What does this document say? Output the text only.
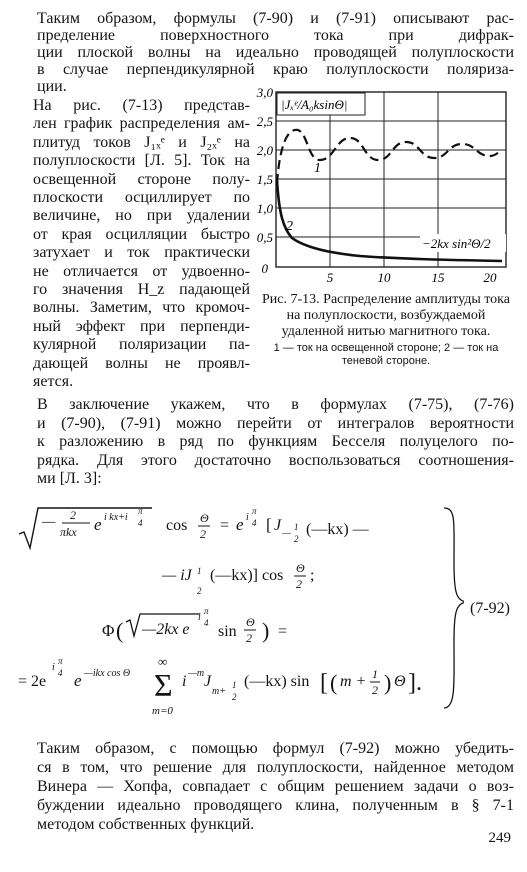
Таким образом, формулы (7-90) и (7-91) описывают рас-
пределение поверхностного тока при дифрак-
ции плоской волны на идеально проводящей полуплоскости
в случае перпендикулярной краю полуплоскости поляриза-
ции.
На рис. (7-13) представ-
лен график распределения ам-
плитуд токов J₁ₓᵉ и J₂ₓᵉ на
полуплоскости [Л. 5]. Ток на
освещенной стороне полу-
плоскости осциллирует по
величине, но при удалении
от края осцилляции быстро
затухает и ток практически
не отличается от удвоенно-
го значения H_z падающей
волны. Заметим, что кромоч-
ный эффект при перпенди-
кулярной поляризации па-
дающей волны не проявл-
яется.
|Jₓᵉ/A₀ksinΘ|
3,0
2,5
2,0
1,5
1,0
0,5
0
5	10	15	20
1
2
−2kx sin²Θ/2
Рис. 7-13. Распределение амплитуды тока на полуплоскости, возбуждаемой удаленной нитью магнитного тока.
1 — ток на освещенной стороне; 2 — ток на теневой стороне.
В заключение укажем, что в формулах (7-75), (7-76)
и (7-90), (7-91) можно перейти от интегралов вероятности
к разложению в ряд по функциям Бесселя полуцелого по-
рядка. Для этого достаточно воспользоваться соотношения-
ми [Л. 3]:
— 2
πkx e i kx+i
π
4 cos Θ
2 = e i
π
4 [ J —
1
2
(—kx) —
— iJ 1
2
(—kx)] cos Θ
2 ;
Φ ( —2kx e
i
π
4 sin
Θ
2 ) =
= 2e
i
π
4 e —ikx cos Θ
∞
Σ
m=0
i —m J
m+
1
2
(—kx) sin [ ( m + 1
2 ) Θ ].
(7-92)
Таким образом, с помощью формул (7-92) можно убедить-
ся в том, что решение для полуплоскости, найденное методом
Винера — Хопфа, совпадает с общим решением задачи о воз-
буждении идеально проводящего клина, полученным в § 7-1
методом собственных функций.
249
